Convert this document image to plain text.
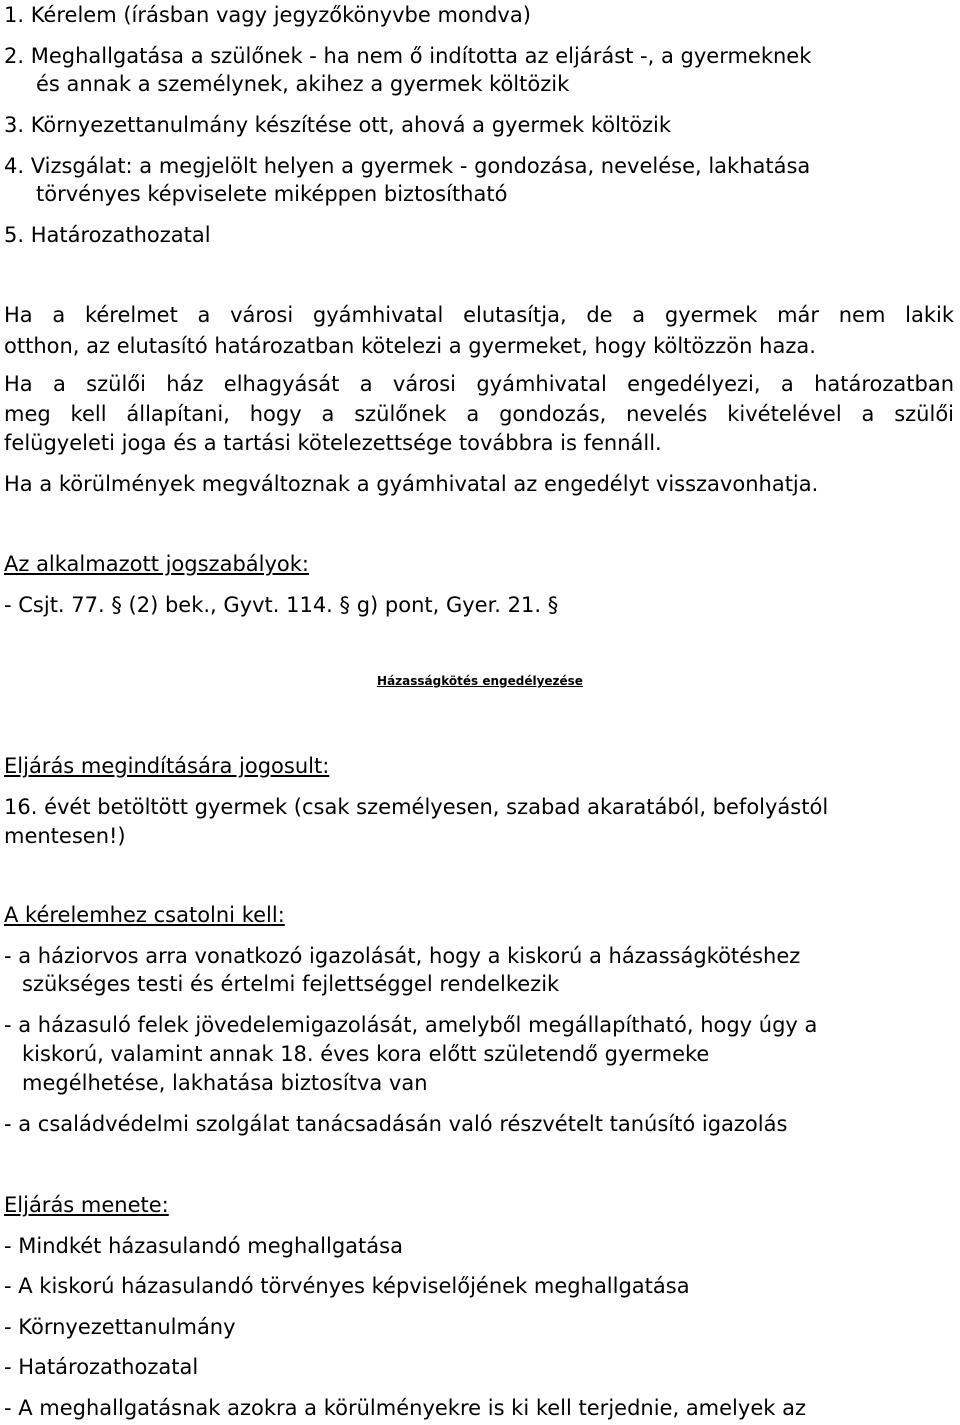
1. Kérelem (írásban vagy jegyzőkönyvbe mondva)
2. Meghallgatása a szülőnek - ha nem ő indította az eljárást -, a gyermeknek
és annak a személynek, akihez a gyermek költözik
3. Környezettanulmány készítése ott, ahová a gyermek költözik
4. Vizsgálat: a megjelölt helyen a gyermek - gondozása, nevelése, lakhatása
törvényes képviselete miképpen biztosítható
5. Határozathozatal
Ha a kérelmet a városi gyámhivatal elutasítja, de a gyermek már nem lakik
otthon, az elutasító határozatban kötelezi a gyermeket, hogy költözzön haza.
Ha a szülői ház elhagyását a városi gyámhivatal engedélyezi, a határozatban
meg kell állapítani, hogy a szülőnek a gondozás, nevelés kivételével a szülői
felügyeleti joga és a tartási kötelezettsége továbbra is fennáll.
Ha a körülmények megváltoznak a gyámhivatal az engedélyt visszavonhatja.
Az alkalmazott jogszabályok:
- Csjt. 77. § (2) bek., Gyvt. 114. § g) pont, Gyer. 21. §
Házasságkötés engedélyezése
Eljárás megindítására jogosult:
16. évét betöltött gyermek (csak személyesen, szabad akaratából, befolyástól
mentesen!)
A kérelemhez csatolni kell:
- a háziorvos arra vonatkozó igazolását, hogy a kiskorú a házasságkötéshez
szükséges testi és értelmi fejlettséggel rendelkezik
- a házasuló felek jövedelemigazolását, amelyből megállapítható, hogy úgy a
kiskorú, valamint annak 18. éves kora előtt születendő gyermeke
megélhetése, lakhatása biztosítva van
- a családvédelmi szolgálat tanácsadásán való részvételt tanúsító igazolás
Eljárás menete:
- Mindkét házasulandó meghallgatása
- A kiskorú házasulandó törvényes képviselőjének meghallgatása
- Környezettanulmány
- Határozathozatal
- A meghallgatásnak azokra a körülményekre is ki kell terjednie, amelyek az
